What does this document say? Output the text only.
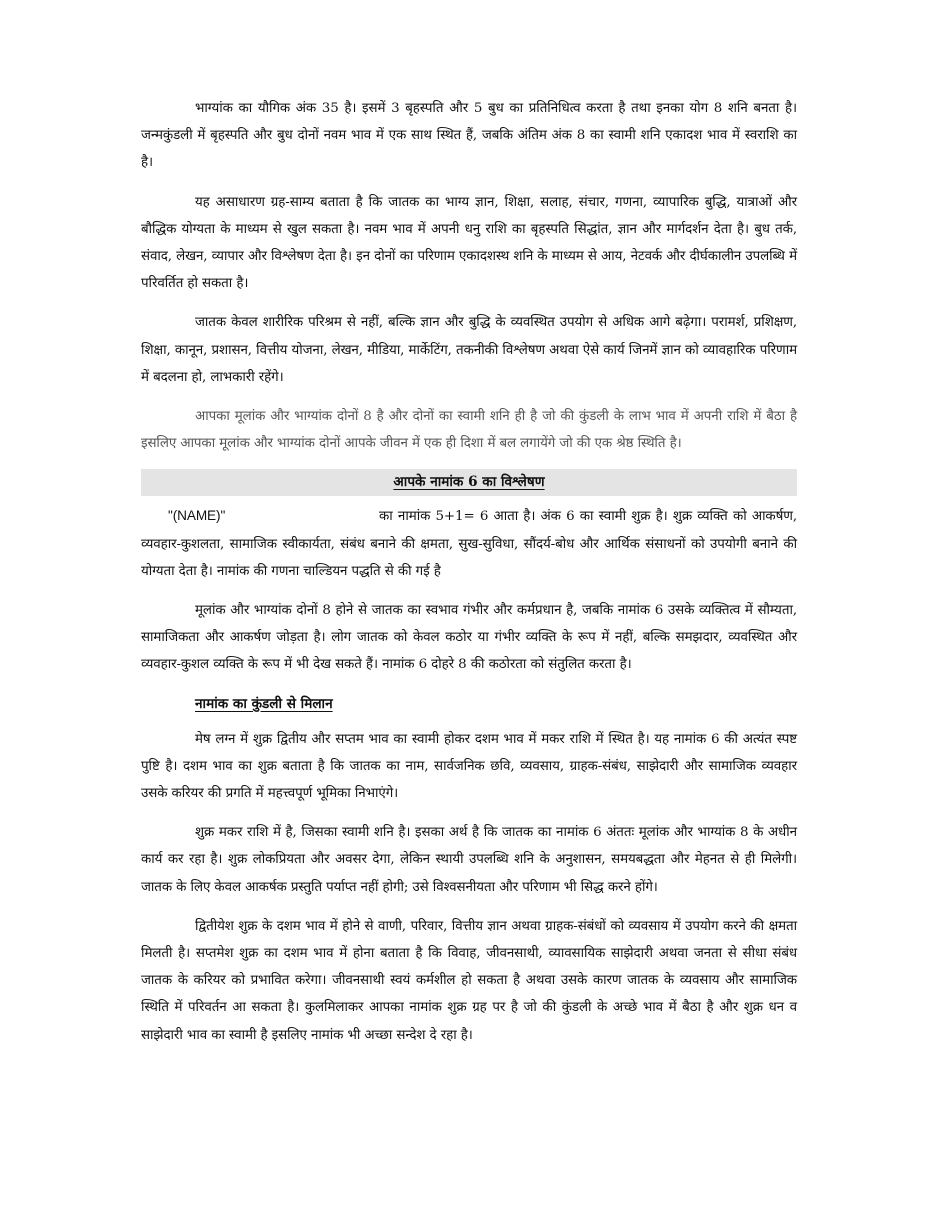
भाग्यांक का यौगिक अंक 35 है। इसमें 3 बृहस्पति और 5 बुध का प्रतिनिधित्व करता है तथा इनका योग 8 शनि बनता है। जन्मकुंडली में बृहस्पति और बुध दोनों नवम भाव में एक साथ स्थित हैं, जबकि अंतिम अंक 8 का स्वामी शनि एकादश भाव में स्वराशि का है।

यह असाधारण ग्रह-साम्य बताता है कि जातक का भाग्य ज्ञान, शिक्षा, सलाह, संचार, गणना, व्यापारिक बुद्धि, यात्राओं और बौद्धिक योग्यता के माध्यम से खुल सकता है। नवम भाव में अपनी धनु राशि का बृहस्पति सिद्धांत, ज्ञान और मार्गदर्शन देता है। बुध तर्क, संवाद, लेखन, व्यापार और विश्लेषण देता है। इन दोनों का परिणाम एकादशस्थ शनि के माध्यम से आय, नेटवर्क और दीर्घकालीन उपलब्धि में परिवर्तित हो सकता है।

जातक केवल शारीरिक परिश्रम से नहीं, बल्कि ज्ञान और बुद्धि के व्यवस्थित उपयोग से अधिक आगे बढ़ेगा। परामर्श, प्रशिक्षण, शिक्षा, कानून, प्रशासन, वित्तीय योजना, लेखन, मीडिया, मार्केटिंग, तकनीकी विश्लेषण अथवा ऐसे कार्य जिनमें ज्ञान को व्यावहारिक परिणाम में बदलना हो, लाभकारी रहेंगे।

आपका मूलांक और भाग्यांक दोनों 8 है और दोनों का स्वामी शनि ही है जो की कुंडली के लाभ भाव में अपनी राशि में बैठा है इसलिए आपका मूलांक और भाग्यांक दोनों आपके जीवन में एक ही दिशा में बल लगायेंगे जो की एक श्रेष्ठ स्थिति है।

आपके नामांक 6 का विश्लेषण

"(NAME)"	का नामांक 5+1= 6 आता है। अंक 6 का स्वामी शुक्र है। शुक्र व्यक्ति को आकर्षण, व्यवहार-कुशलता, सामाजिक स्वीकार्यता, संबंध बनाने की क्षमता, सुख-सुविधा, सौंदर्य-बोध और आर्थिक संसाधनों को उपयोगी बनाने की योग्यता देता है। नामांक की गणना चाल्डियन पद्धति से की गई है

मूलांक और भाग्यांक दोनों 8 होने से जातक का स्वभाव गंभीर और कर्मप्रधान है, जबकि नामांक 6 उसके व्यक्तित्व में सौम्यता, सामाजिकता और आकर्षण जोड़ता है। लोग जातक को केवल कठोर या गंभीर व्यक्ति के रूप में नहीं, बल्कि समझदार, व्यवस्थित और व्यवहार-कुशल व्यक्ति के रूप में भी देख सकते हैं। नामांक 6 दोहरे 8 की कठोरता को संतुलित करता है।

नामांक का कुंडली से मिलान

मेष लग्न में शुक्र द्वितीय और सप्तम भाव का स्वामी होकर दशम भाव में मकर राशि में स्थित है। यह नामांक 6 की अत्यंत स्पष्ट पुष्टि है। दशम भाव का शुक्र बताता है कि जातक का नाम, सार्वजनिक छवि, व्यवसाय, ग्राहक-संबंध, साझेदारी और सामाजिक व्यवहार उसके करियर की प्रगति में महत्त्वपूर्ण भूमिका निभाएंगे।

शुक्र मकर राशि में है, जिसका स्वामी शनि है। इसका अर्थ है कि जातक का नामांक 6 अंततः मूलांक और भाग्यांक 8 के अधीन कार्य कर रहा है। शुक्र लोकप्रियता और अवसर देगा, लेकिन स्थायी उपलब्धि शनि के अनुशासन, समयबद्धता और मेहनत से ही मिलेगी। जातक के लिए केवल आकर्षक प्रस्तुति पर्याप्त नहीं होगी; उसे विश्वसनीयता और परिणाम भी सिद्ध करने होंगे।

द्वितीयेश शुक्र के दशम भाव में होने से वाणी, परिवार, वित्तीय ज्ञान अथवा ग्राहक-संबंधों को व्यवसाय में उपयोग करने की क्षमता मिलती है। सप्तमेश शुक्र का दशम भाव में होना बताता है कि विवाह, जीवनसाथी, व्यावसायिक साझेदारी अथवा जनता से सीधा संबंध जातक के करियर को प्रभावित करेगा। जीवनसाथी स्वयं कर्मशील हो सकता है अथवा उसके कारण जातक के व्यवसाय और सामाजिक स्थिति में परिवर्तन आ सकता है। कुलमिलाकर आपका नामांक शुक्र ग्रह पर है जो की कुंडली के अच्छे भाव में बैठा है और शुक्र धन व साझेदारी भाव का स्वामी है इसलिए नामांक भी अच्छा सन्देश दे रहा है।
